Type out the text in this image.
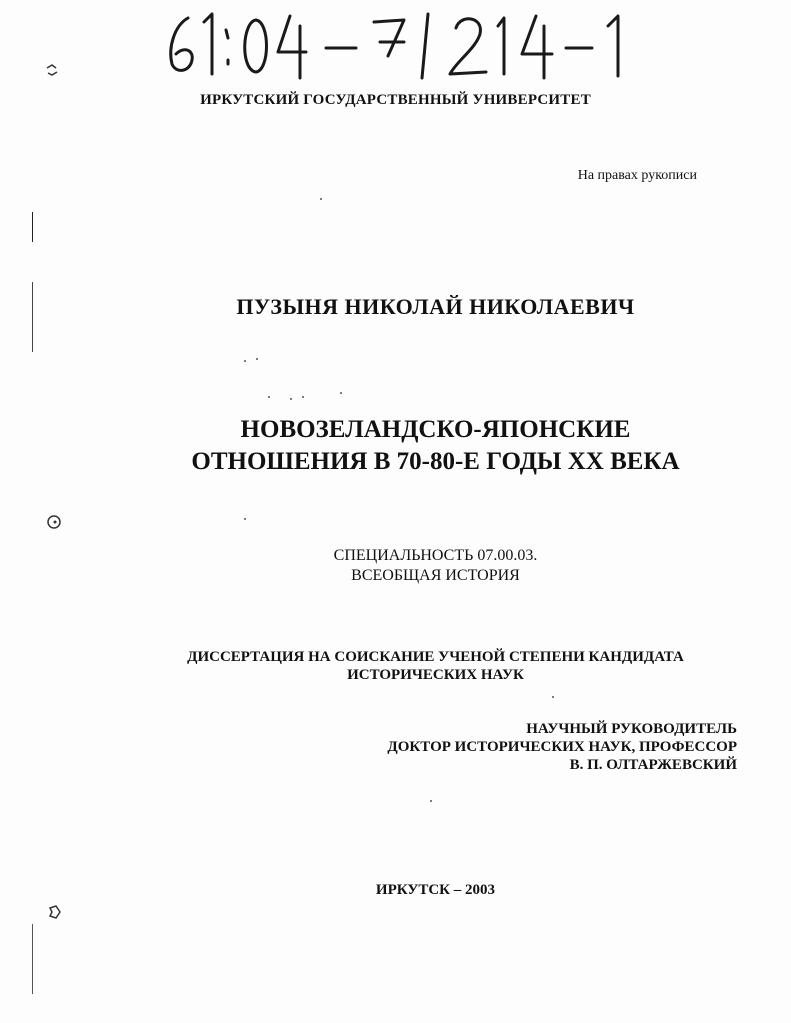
ИРКУТСКИЙ ГОСУДАРСТВЕННЫЙ УНИВЕРСИТЕТ
На правах рукописи
ПУЗЫНЯ НИКОЛАЙ НИКОЛАЕВИЧ
НОВОЗЕЛАНДСКО-ЯПОНСКИЕ
ОТНОШЕНИЯ В 70-80-Е ГОДЫ XX ВЕКА
СПЕЦИАЛЬНОСТЬ 07.00.03.
ВСЕОБЩАЯ ИСТОРИЯ
ДИССЕРТАЦИЯ НА СОИСКАНИЕ УЧЕНОЙ СТЕПЕНИ КАНДИДАТА
ИСТОРИЧЕСКИХ НАУК
НАУЧНЫЙ РУКОВОДИТЕЛЬ
ДОКТОР ИСТОРИЧЕСКИХ НАУК, ПРОФЕССОР
В. П. ОЛТАРЖЕВСКИЙ
ИРКУТСК – 2003
